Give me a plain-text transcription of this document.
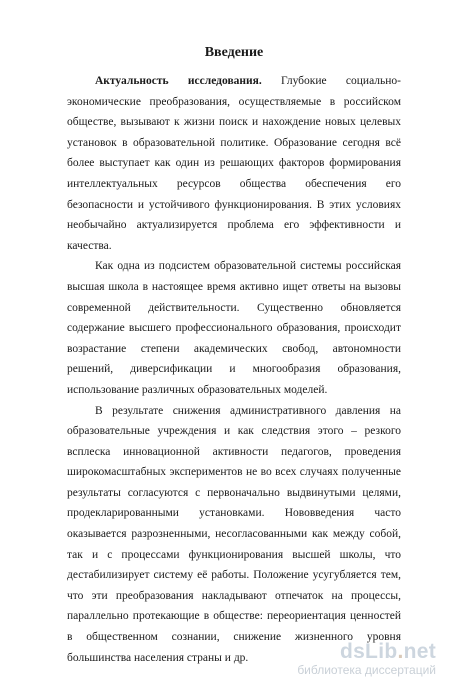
Введение

Актуальность исследования. Глубокие социально-экономические преобразования, осуществляемые в российском обществе, вызывают к жизни поиск и нахождение новых целевых установок в образовательной политике. Образование сегодня всё более выступает как один из решающих факторов формирования интеллектуальных ресурсов общества обеспечения его безопасности и устойчивого функционирования. В этих условиях необычайно актуализируется проблема его эффективности и качества.

Как одна из подсистем образовательной системы российская высшая школа в настоящее время активно ищет ответы на вызовы современной действительности. Существенно обновляется содержание высшего профессионального образования, происходит возрастание степени академических свобод, автономности решений, диверсификации и многообразия образования, использование различных образовательных моделей.

В результате снижения административного давления на образовательные учреждения и как следствия этого – резкого всплеска инновационной активности педагогов, проведения широкомасштабных экспериментов не во всех случаях полученные результаты согласуются с первоначально выдвинутыми целями, продекларированными установками. Нововведения часто оказывается разрозненными, несогласованными как между собой, так и с процессами функционирования высшей школы, что дестабилизирует систему её работы. Положение усугубляется тем, что эти преобразования накладывают отпечаток на процессы, параллельно протекающие в обществе: переориентация ценностей в общественном сознании, снижение жизненного уровня большинства населения страны и др.	dsLib.net
библиотека диссертаций
